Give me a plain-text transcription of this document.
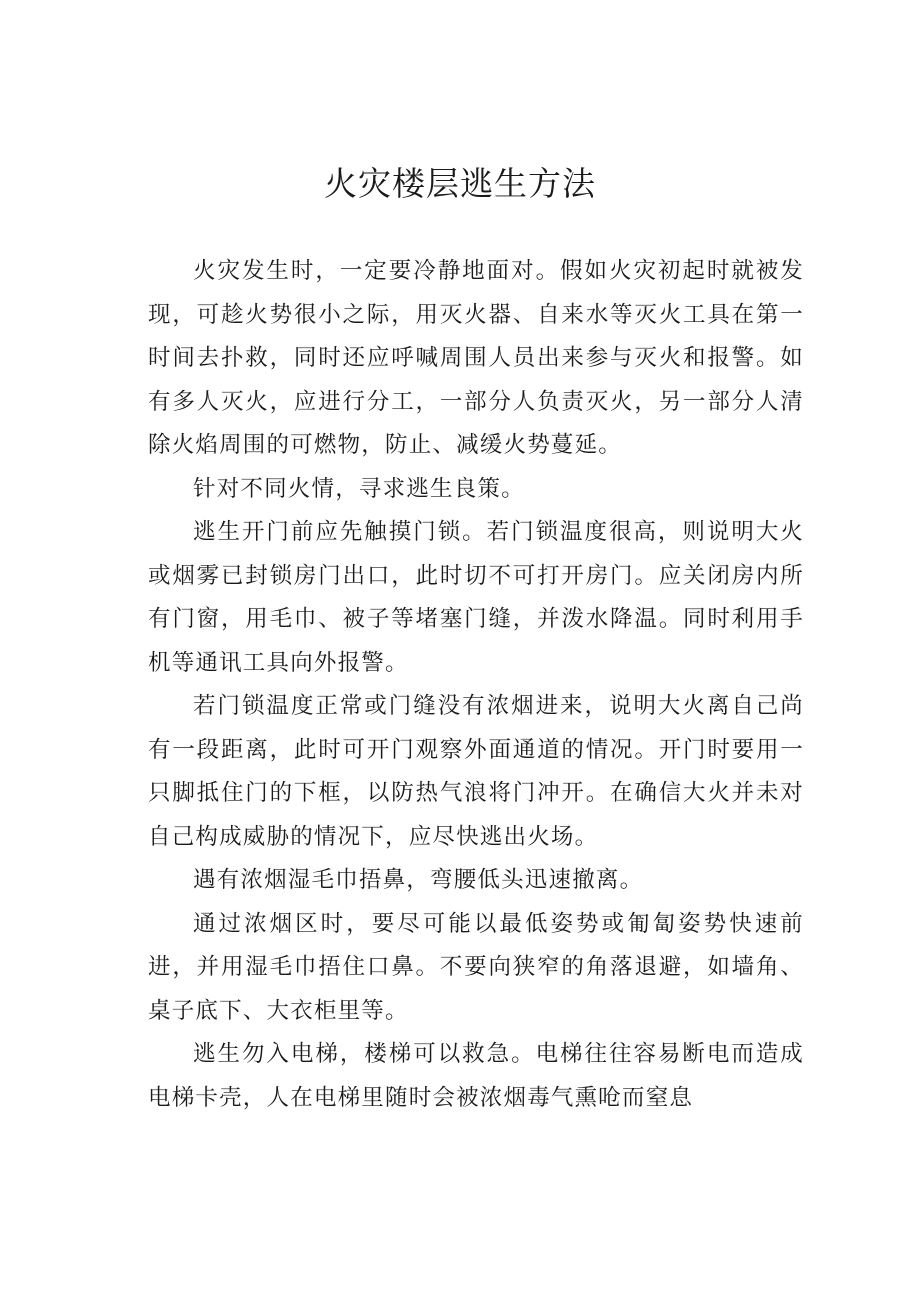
火灾楼层逃生方法

火灾发生时，一定要冷静地面对。假如火灾初起时就被发现，可趁火势很小之际，用灭火器、自来水等灭火工具在第一时间去扑救，同时还应呼喊周围人员出来参与灭火和报警。如有多人灭火，应进行分工，一部分人负责灭火，另一部分人清除火焰周围的可燃物，防止、减缓火势蔓延。

针对不同火情，寻求逃生良策。

逃生开门前应先触摸门锁。若门锁温度很高，则说明大火或烟雾已封锁房门出口，此时切不可打开房门。应关闭房内所有门窗，用毛巾、被子等堵塞门缝，并泼水降温。同时利用手机等通讯工具向外报警。

若门锁温度正常或门缝没有浓烟进来，说明大火离自己尚有一段距离，此时可开门观察外面通道的情况。开门时要用一只脚抵住门的下框，以防热气浪将门冲开。在确信大火并未对自己构成威胁的情况下，应尽快逃出火场。

遇有浓烟湿毛巾捂鼻，弯腰低头迅速撤离。

通过浓烟区时，要尽可能以最低姿势或匍匐姿势快速前进，并用湿毛巾捂住口鼻。不要向狭窄的角落退避，如墙角、桌子底下、大衣柜里等。

逃生勿入电梯，楼梯可以救急。电梯往往容易断电而造成电梯卡壳，人在电梯里随时会被浓烟毒气熏呛而窒息
